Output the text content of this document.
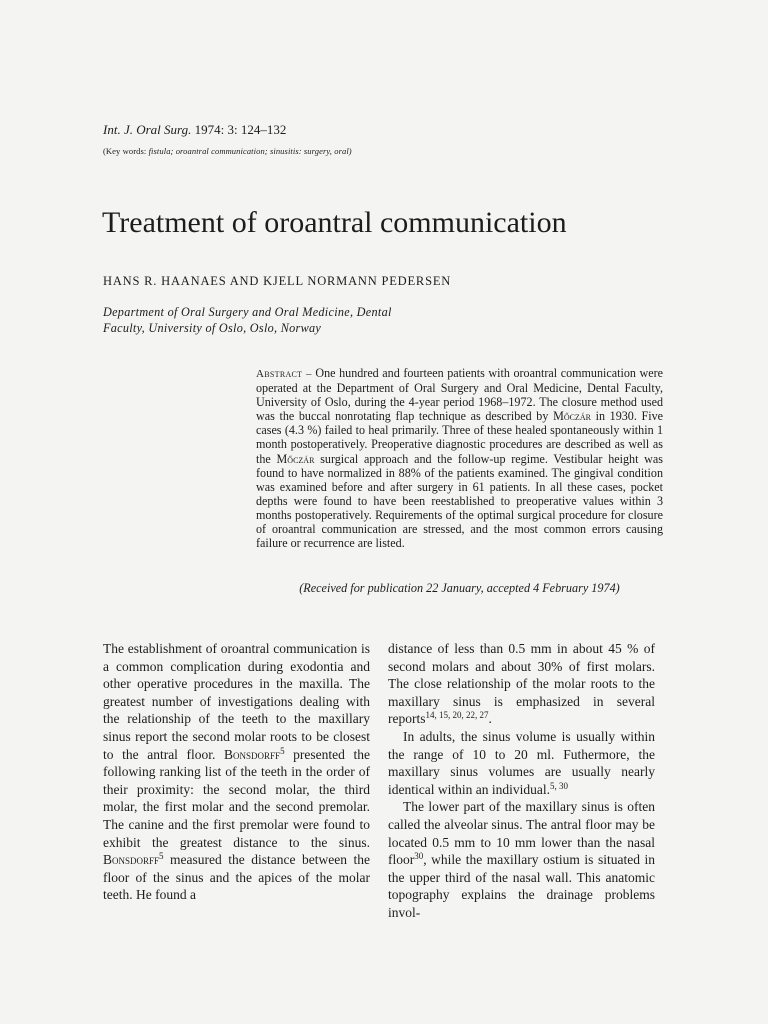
Int. J. Oral Surg. 1974: 3: 124–132
(Key words: fistula; oroantral communication; sinusitis: surgery, oral)
Treatment of oroantral communication
HANS R. HAANAES AND KJELL NORMANN PEDERSEN
Department of Oral Surgery and Oral Medicine, Dental
Faculty, University of Oslo, Oslo, Norway
Abstract – One hundred and fourteen patients with oroantral communication were operated at the Department of Oral Surgery and Oral Medicine, Dental Faculty, University of Oslo, during the 4-year period 1968–1972. The closure method used was the buccal nonrotating flap technique as described by Mőczár in 1930. Five cases (4.3 %) failed to heal primarily. Three of these healed spontaneously within 1 month postoperatively. Preoperative diagnostic procedures are described as well as the Mőczár surgical approach and the follow-up regime. Vestibular height was found to have normalized in 88% of the patients examined. The gingival condition was examined before and after surgery in 61 patients. In all these cases, pocket depths were found to have been reestablished to preoperative values within 3 months postoperatively. Requirements of the optimal surgical procedure for closure of oroantral communication are stressed, and the most common errors causing failure or recurrence are listed.
(Received for publication 22 January, accepted 4 February 1974)

The establishment of oroantral communication is a common complication during exodontia and other operative procedures in the maxilla. The greatest number of investigations dealing with the relationship of the teeth to the maxillary sinus report the second molar roots to be closest to the antral floor. Bonsdorff$^5$ presented the following ranking list of the teeth in the order of their proximity: the second molar, the third molar, the first molar and the second premolar. The canine and the first premolar were found to exhibit the greatest distance to the sinus. Bonsdorff$^5$ measured the distance between the floor of the sinus and the apices of the molar teeth. He found a

distance of less than 0.5 mm in about 45 % of second molars and about 30% of first molars. The close relationship of the molar roots to the maxillary sinus is emphasized in several reports$^{14, 15, 20, 22, 27}$.

In adults, the sinus volume is usually within the range of 10 to 20 ml. Futhermore, the maxillary sinus volumes are usually nearly identical within an individual.$^{5, 30}$

The lower part of the maxillary sinus is often called the alveolar sinus. The antral floor may be located 0.5 mm to 10 mm lower than the nasal floor$^{30}$, while the maxillary ostium is situated in the upper third of the nasal wall. This anatomic topography explains the drainage problems invol-
